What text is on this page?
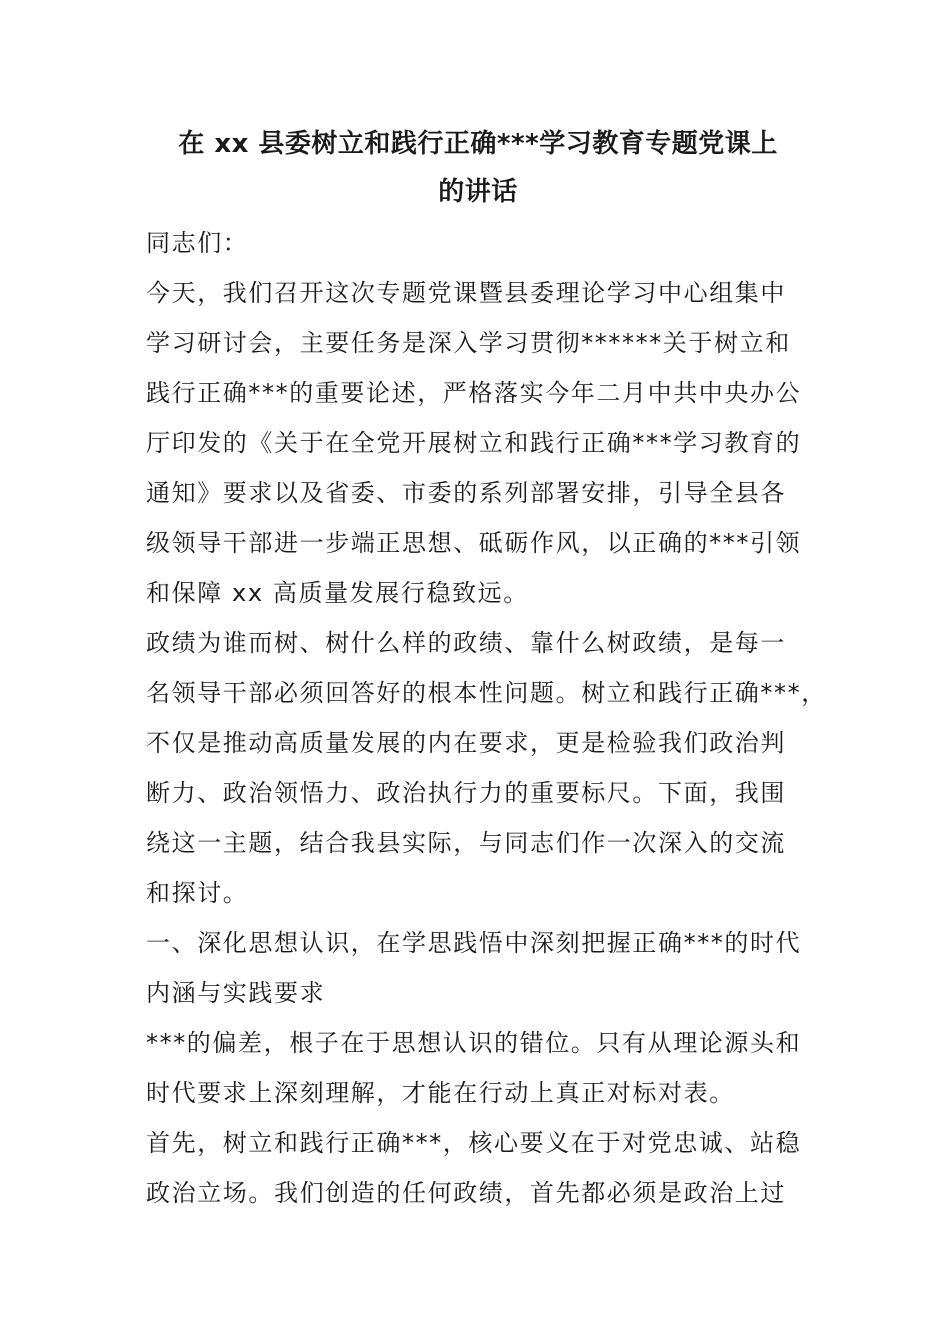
在 xx 县委树立和践行正确***学习教育专题党课上
的讲话

同志们：

今天，我们召开这次专题党课暨县委理论学习中心组集中
学习研讨会，主要任务是深入学习贯彻******关于树立和
践行正确***的重要论述，严格落实今年二月中共中央办公
厅印发的《关于在全党开展树立和践行正确***学习教育的
通知》要求以及省委、市委的系列部署安排，引导全县各
级领导干部进一步端正思想、砥砺作风，以正确的***引领
和保障 xx 高质量发展行稳致远。

政绩为谁而树、树什么样的政绩、靠什么树政绩，是每一
名领导干部必须回答好的根本性问题。树立和践行正确***，
不仅是推动高质量发展的内在要求，更是检验我们政治判
断力、政治领悟力、政治执行力的重要标尺。下面，我围
绕这一主题，结合我县实际，与同志们作一次深入的交流
和探讨。

一、深化思想认识，在学思践悟中深刻把握正确***的时代
内涵与实践要求

***的偏差，根子在于思想认识的错位。只有从理论源头和
时代要求上深刻理解，才能在行动上真正对标对表。

首先，树立和践行正确***，核心要义在于对党忠诚、站稳
政治立场。我们创造的任何政绩，首先都必须是政治上过
